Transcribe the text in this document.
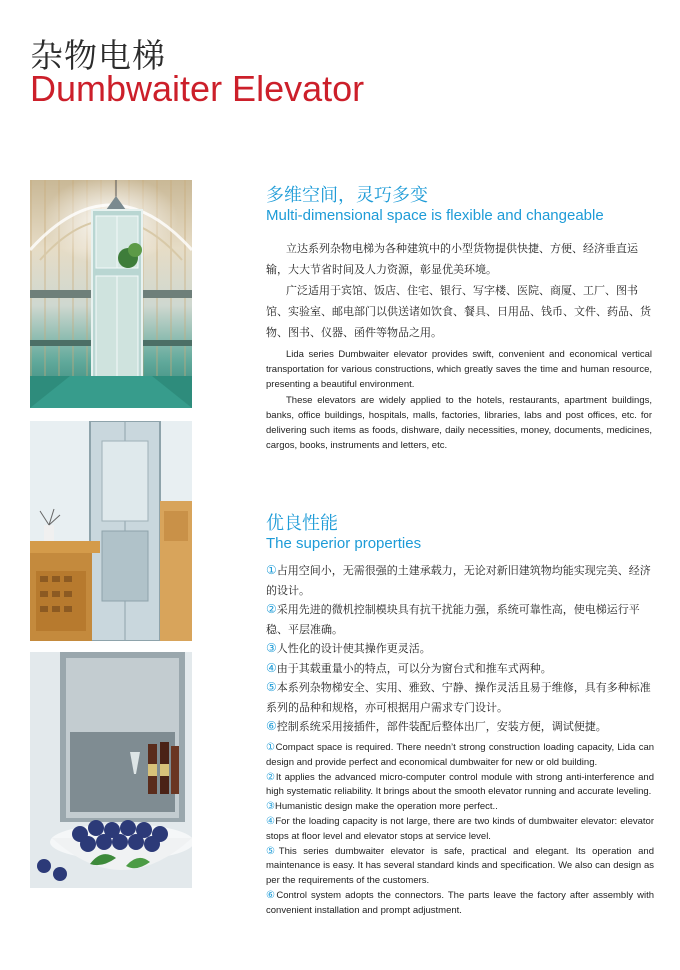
杂物电梯
Dumbwaiter Elevator
多维空间，灵巧多变
Multi-dimensional space is flexible and changeable

立达系列杂物电梯为各种建筑中的小型货物提供快捷、方便、经济垂直运输，大大节省时间及人力资源，彰显优美环境。

广泛适用于宾馆、饭店、住宅、银行、写字楼、医院、商厦、工厂、图书馆、实验室、邮电部门以供送诸如饮食、餐具、日用品、钱币、文件、药品、货物、图书、仪器、函件等物品之用。

Lida series Dumbwaiter elevator provides swift, convenient and economical vertical transportation for various constructions, which greatly saves the time and human resource, presenting a beautiful environment.

These elevators are widely applied to the hotels, restaurants, apartment buildings, banks, office buildings, hospitals, malls, factories, libraries, labs and post offices, etc. for delivering such items as foods, dishware, daily necessities, money, documents, medicines, cargos, books, instruments and letters, etc.

优良性能
The superior properties
①占用空间小，无需很强的土建承载力，无论对新旧建筑物均能实现完美、经济的设计。
②采用先进的微机控制模块具有抗干扰能力强，系统可靠性高，使电梯运行平稳、平层准确。
③人性化的设计使其操作更灵活。
④由于其载重量小的特点，可以分为窗台式和推车式两种。
⑤本系列杂物梯安全、实用、雅致、宁静、操作灵活且易于维修，具有多种标准系列的品种和规格，亦可根据用户需求专门设计。
⑥控制系统采用接插件，部件装配后整体出厂，安装方便，调试便捷。
①Compact space is required. There needn’t strong construction loading capacity, Lida can design and provide perfect and economical dumbwaiter for new or old building.
②It applies the advanced micro-computer control module with strong anti-interference and high systematic reliability. It brings about the smooth elevator running and accurate leveling.
③Humanistic design make the operation more perfect..
④For the loading capacity is not large, there are two kinds of dumbwaiter elevator: elevator stops at floor level and elevator stops at service level.
⑤This series dumbwaiter elevator is safe, practical and elegant. Its operation and maintenance is easy. It has several standard kinds and specification. We also can design as per the requirements of the customers.
⑥Control system adopts the connectors. The parts leave the factory after assembly with convenient installation and prompt adjustment.
